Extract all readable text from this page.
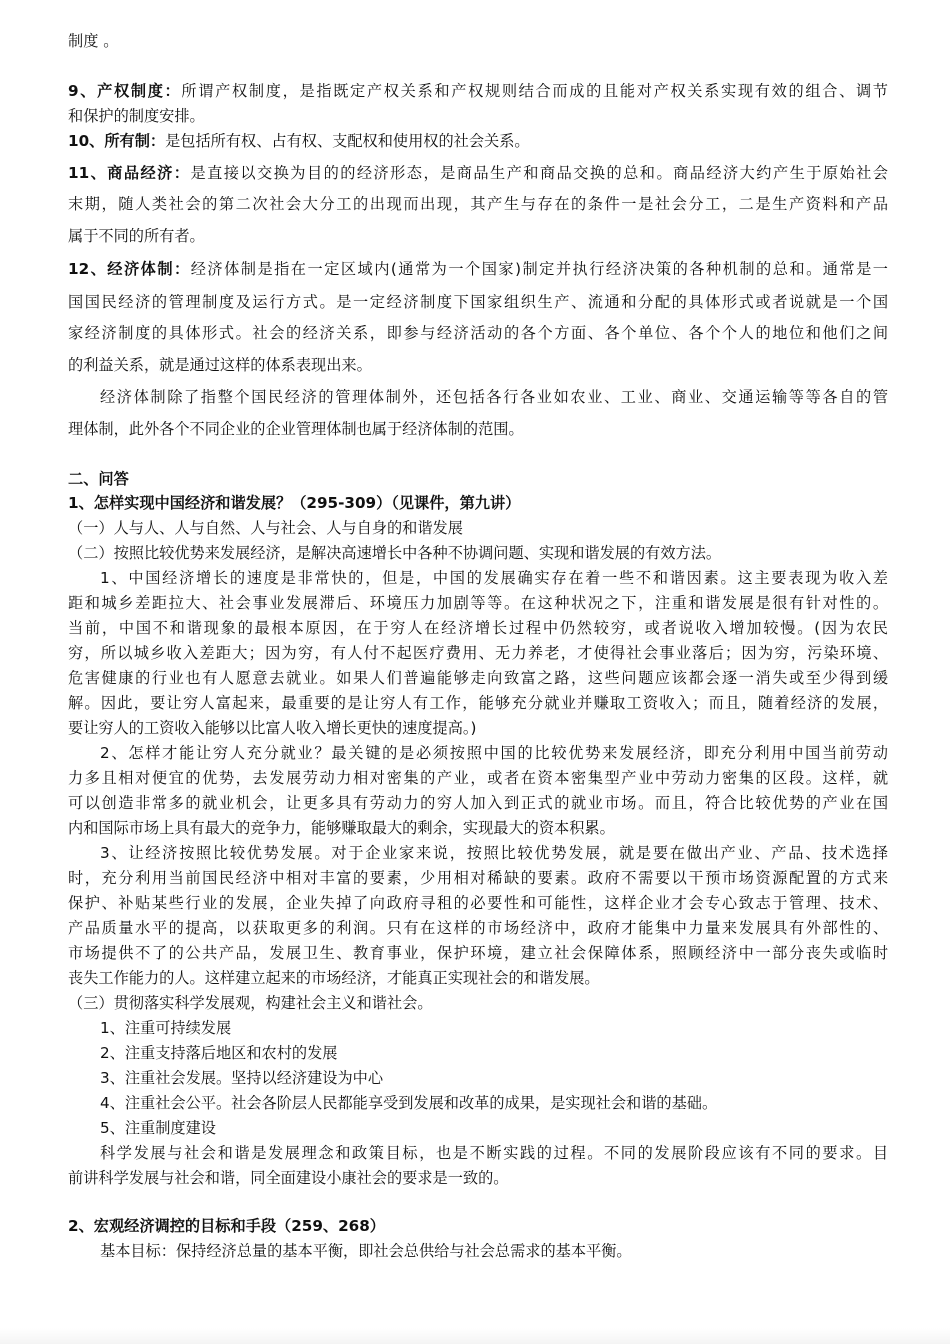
制度 。
9、产权制度：所谓产权制度，是指既定产权关系和产权规则结合而成的且能对产权关系实现有效的组合、调节
和保护的制度安排。
10、所有制：是包括所有权、占有权、支配权和使用权的社会关系。
11、商品经济：是直接以交换为目的的经济形态，是商品生产和商品交换的总和。商品经济大约产生于原始社会
末期，随人类社会的第二次社会大分工的出现而出现，其产生与存在的条件一是社会分工，二是生产资料和产品
属于不同的所有者。
12、经济体制：经济体制是指在一定区域内(通常为一个国家)制定并执行经济决策的各种机制的总和。通常是一
国国民经济的管理制度及运行方式。是一定经济制度下国家组织生产、流通和分配的具体形式或者说就是一个国
家经济制度的具体形式。社会的经济关系，即参与经济活动的各个方面、各个单位、各个个人的地位和他们之间
的利益关系，就是通过这样的体系表现出来。
经济体制除了指整个国民经济的管理体制外，还包括各行各业如农业、工业、商业、交通运输等等各自的管
理体制，此外各个不同企业的企业管理体制也属于经济体制的范围。
二、问答
1、怎样实现中国经济和谐发展？（295-309）（见课件，第九讲）
（一）人与人、人与自然、人与社会、人与自身的和谐发展
（二）按照比较优势来发展经济，是解决高速增长中各种不协调问题、实现和谐发展的有效方法。
1、中国经济增长的速度是非常快的，但是，中国的发展确实存在着一些不和谐因素。这主要表现为收入差
距和城乡差距拉大、社会事业发展滞后、环境压力加剧等等。在这种状况之下，注重和谐发展是很有针对性的。
当前，中国不和谐现象的最根本原因，在于穷人在经济增长过程中仍然较穷，或者说收入增加较慢。(因为农民
穷，所以城乡收入差距大；因为穷，有人付不起医疗费用、无力养老，才使得社会事业落后；因为穷，污染环境、
危害健康的行业也有人愿意去就业。如果人们普遍能够走向致富之路，这些问题应该都会逐一消失或至少得到缓
解。因此，要让穷人富起来，最重要的是让穷人有工作，能够充分就业并赚取工资收入；而且，随着经济的发展，
要让穷人的工资收入能够以比富人收入增长更快的速度提高。)
2、怎样才能让穷人充分就业？最关键的是必须按照中国的比较优势来发展经济，即充分利用中国当前劳动
力多且相对便宜的优势，去发展劳动力相对密集的产业，或者在资本密集型产业中劳动力密集的区段。这样，就
可以创造非常多的就业机会，让更多具有劳动力的穷人加入到正式的就业市场。而且，符合比较优势的产业在国
内和国际市场上具有最大的竞争力，能够赚取最大的剩余，实现最大的资本积累。
3、让经济按照比较优势发展。对于企业家来说，按照比较优势发展，就是要在做出产业、产品、技术选择
时，充分利用当前国民经济中相对丰富的要素，少用相对稀缺的要素。政府不需要以干预市场资源配置的方式来
保护、补贴某些行业的发展，企业失掉了向政府寻租的必要性和可能性，这样企业才会专心致志于管理、技术、
产品质量水平的提高，以获取更多的利润。只有在这样的市场经济中，政府才能集中力量来发展具有外部性的、
市场提供不了的公共产品，发展卫生、教育事业，保护环境，建立社会保障体系，照顾经济中一部分丧失或临时
丧失工作能力的人。这样建立起来的市场经济，才能真正实现社会的和谐发展。
（三）贯彻落实科学发展观，构建社会主义和谐社会。
1、注重可持续发展
2、注重支持落后地区和农村的发展
3、注重社会发展。坚持以经济建设为中心
4、注重社会公平。社会各阶层人民都能享受到发展和改革的成果，是实现社会和谐的基础。
5、注重制度建设
科学发展与社会和谐是发展理念和政策目标，也是不断实践的过程。不同的发展阶段应该有不同的要求。目
前讲科学发展与社会和谐，同全面建设小康社会的要求是一致的。
2、宏观经济调控的目标和手段（259、268）
基本目标：保持经济总量的基本平衡，即社会总供给与社会总需求的基本平衡。
